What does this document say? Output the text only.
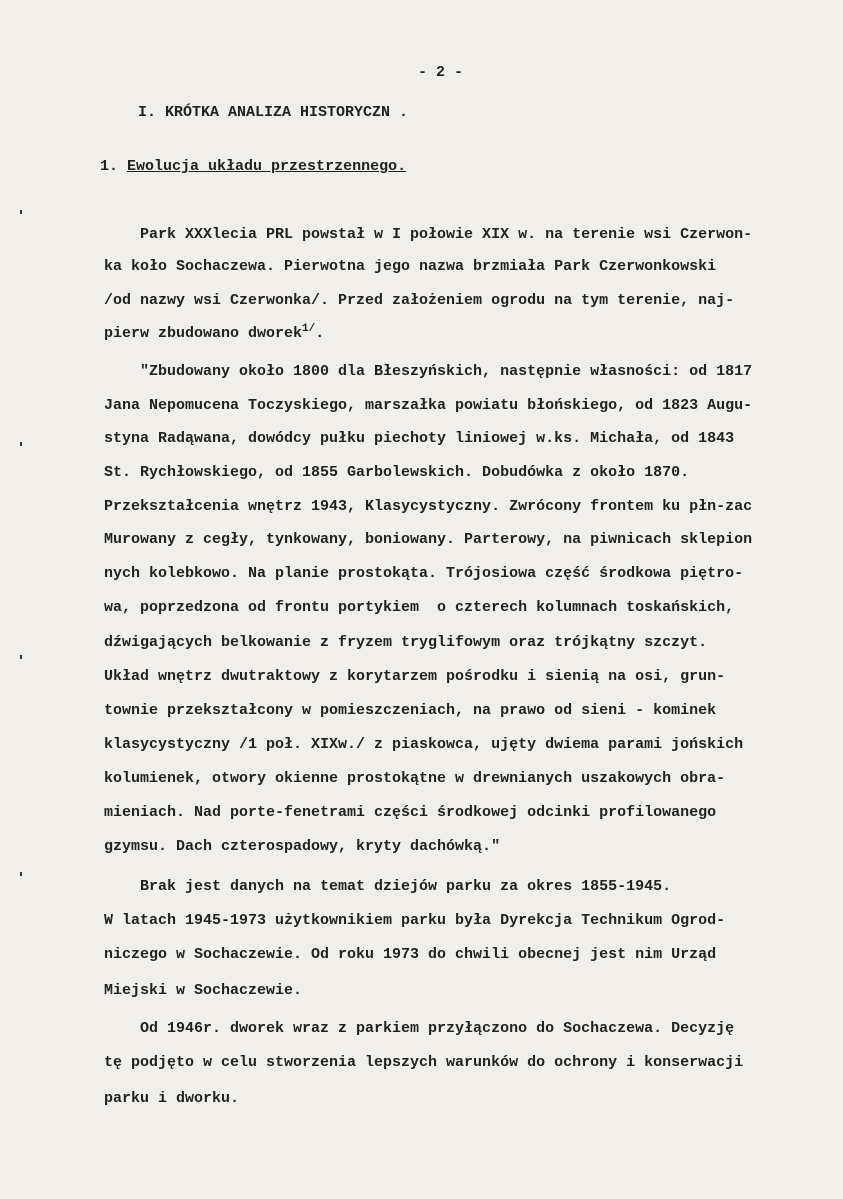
- 2 -
I. KRÓTKA ANALIZA HISTORYCZN .
1. Ewolucja układu przestrzennego.
Park XXXlecia PRL powstał w I połowie XIX w. na terenie wsi Czerwon-
ka koło Sochaczewa. Pierwotna jego nazwa brzmiała Park Czerwonkowski
/od nazwy wsi Czerwonka/. Przed założeniem ogrodu na tym terenie, naj-
pierw zbudowano dworek$^{1/}$.
"Zbudowany około 1800 dla Błeszyńskich, następnie własności: od 1817
Jana Nepomucena Toczyskiego, marszałka powiatu błońskiego, od 1823 Augu-
styna Radąwana, dowódcy pułku piechoty liniowej w.ks. Michała, od 1843
St. Rychłowskiego, od 1855 Garbolewskich. Dobudówka z około 1870.
Przekształcenia wnętrz 1943, Klasycystyczny. Zwrócony frontem ku płn-zac
Murowany z cegły, tynkowany, boniowany. Parterowy, na piwnicach sklepion
nych kolebkowo. Na planie prostokąta. Trójosiowa część środkowa piętro-
wa, poprzedzona od frontu portykiem  o czterech kolumnach toskańskich,
dźwigających belkowanie z fryzem tryglifowym oraz trójkątny szczyt.
Układ wnętrz dwutraktowy z korytarzem pośrodku i sienią na osi, grun-
townie przekształcony w pomieszczeniach, na prawo od sieni - kominek
klasycystyczny /1 poł. XIXw./ z piaskowca, ujęty dwiema parami jońskich
kolumienek, otwory okienne prostokątne w drewnianych uszakowych obra-
mieniach. Nad porte-fenetrami części środkowej odcinki profilowanego
gzymsu. Dach czterospadowy, kryty dachówką."
Brak jest danych na temat dziejów parku za okres 1855-1945.
W latach 1945-1973 użytkownikiem parku była Dyrekcja Technikum Ogrod-
niczego w Sochaczewie. Od roku 1973 do chwili obecnej jest nim Urząd
Miejski w Sochaczewie.
Od 1946r. dworek wraz z parkiem przyłączono do Sochaczewa. Decyzję
tę podjęto w celu stworzenia lepszych warunków do ochrony i konserwacji
parku i dworku.
